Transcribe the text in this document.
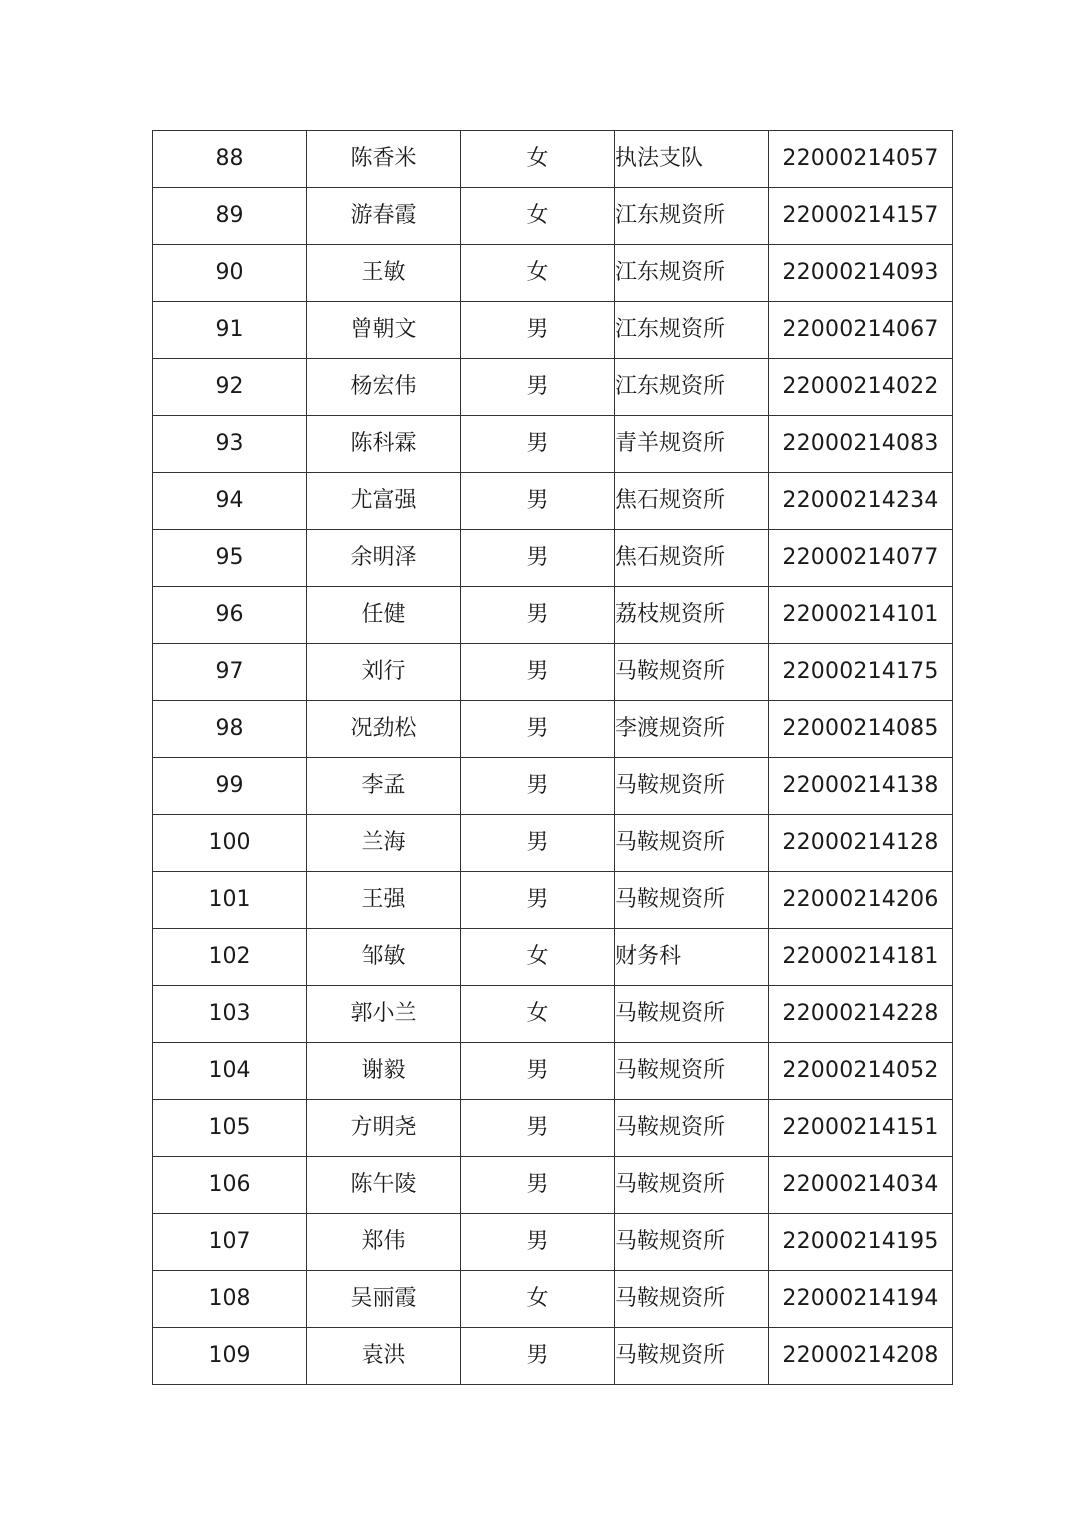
88	陈香米	女	执法支队	22000214057
89	游春霞	女	江东规资所	22000214157
90	王敏	女	江东规资所	22000214093
91	曾朝文	男	江东规资所	22000214067
92	杨宏伟	男	江东规资所	22000214022
93	陈科霖	男	青羊规资所	22000214083
94	尤富强	男	焦石规资所	22000214234
95	余明泽	男	焦石规资所	22000214077
96	任健	男	荔枝规资所	22000214101
97	刘行	男	马鞍规资所	22000214175
98	况劲松	男	李渡规资所	22000214085
99	李孟	男	马鞍规资所	22000214138
100	兰海	男	马鞍规资所	22000214128
101	王强	男	马鞍规资所	22000214206
102	邹敏	女	财务科	22000214181
103	郭小兰	女	马鞍规资所	22000214228
104	谢毅	男	马鞍规资所	22000214052
105	方明尧	男	马鞍规资所	22000214151
106	陈午陵	男	马鞍规资所	22000214034
107	郑伟	男	马鞍规资所	22000214195
108	吴丽霞	女	马鞍规资所	22000214194
109	袁洪	男	马鞍规资所	22000214208
